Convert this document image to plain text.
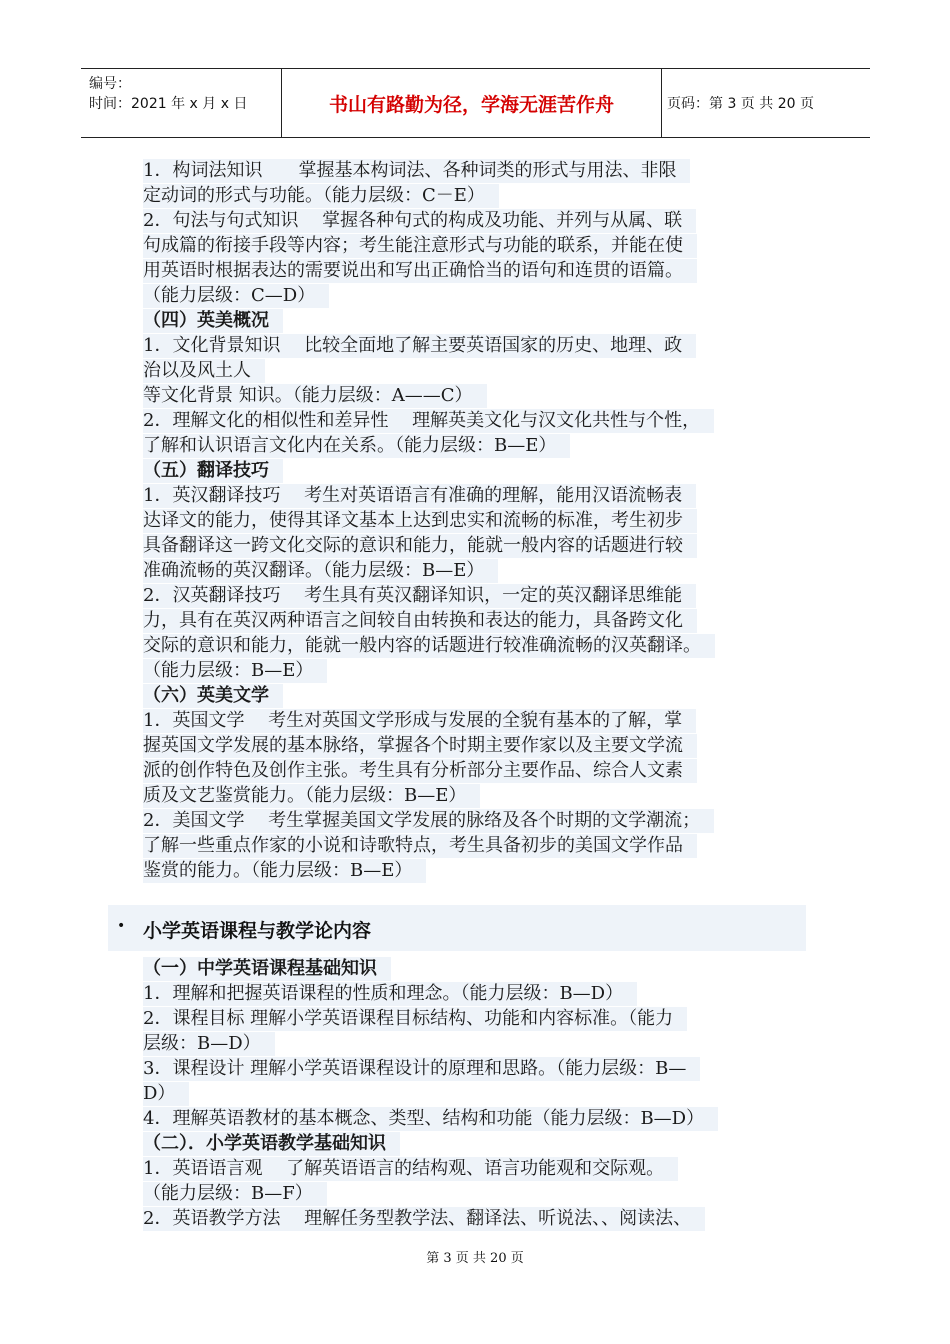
编号：
时间：2021 年 x 月 x 日	书山有路勤为径，学海无涯苦作舟	页码：第 3 页 共 20 页
1．构词法知识　　掌握基本构词法、各种词类的形式与用法、非限
定动词的形式与功能。（能力层级：C－E）
2．句法与句式知识　 掌握各种句式的构成及功能、并列与从属、联
句成篇的衔接手段等内容；考生能注意形式与功能的联系，并能在使
用英语时根据表达的需要说出和写出正确恰当的语句和连贯的语篇。
（能力层级：C—D）
（四）英美概况
1．文化背景知识　 比较全面地了解主要英语国家的历史、地理、政
治以及风土人
等文化背景 知识。（能力层级：A——C）
2．理解文化的相似性和差异性　 理解英美文化与汉文化共性与个性，
了解和认识语言文化内在关系。（能力层级：B—E）
（五）翻译技巧
1．英汉翻译技巧　 考生对英语语言有准确的理解，能用汉语流畅表
达译文的能力，使得其译文基本上达到忠实和流畅的标准，考生初步
具备翻译这一跨文化交际的意识和能力，能就一般内容的话题进行较
准确流畅的英汉翻译。（能力层级：B—E）
2．汉英翻译技巧　 考生具有英汉翻译知识，一定的英汉翻译思维能
力，具有在英汉两种语言之间较自由转换和表达的能力，具备跨文化
交际的意识和能力，能就一般内容的话题进行较准确流畅的汉英翻译。
（能力层级：B—E）
（六）英美文学
1．英国文学　 考生对英国文学形成与发展的全貌有基本的了解，掌
握英国文学发展的基本脉络，掌握各个时期主要作家以及主要文学流
派的创作特色及创作主张。考生具有分析部分主要作品、综合人文素
质及文艺鉴赏能力。（能力层级：B—E）
2．美国文学　 考生掌握美国文学发展的脉络及各个时期的文学潮流；
了解一些重点作家的小说和诗歌特点，考生具备初步的美国文学作品
鉴赏的能力。（能力层级：B—E）
• 小学英语课程与教学论内容
（一）中学英语课程基础知识
1．理解和把握英语课程的性质和理念。（能力层级：B—D）
2．课程目标 理解小学英语课程目标结构、功能和内容标准。（能力
层级：B—D）
3．课程设计 理解小学英语课程设计的原理和思路。（能力层级：B—
D）
4．理解英语教材的基本概念、类型、结构和功能（能力层级：B—D）
（二）．小学英语教学基础知识
1．英语语言观　 了解英语语言的结构观、语言功能观和交际观。
（能力层级：B—F）
2．英语教学方法　 理解任务型教学法、翻译法、听说法、、阅读法、
第 3 页 共 20 页
